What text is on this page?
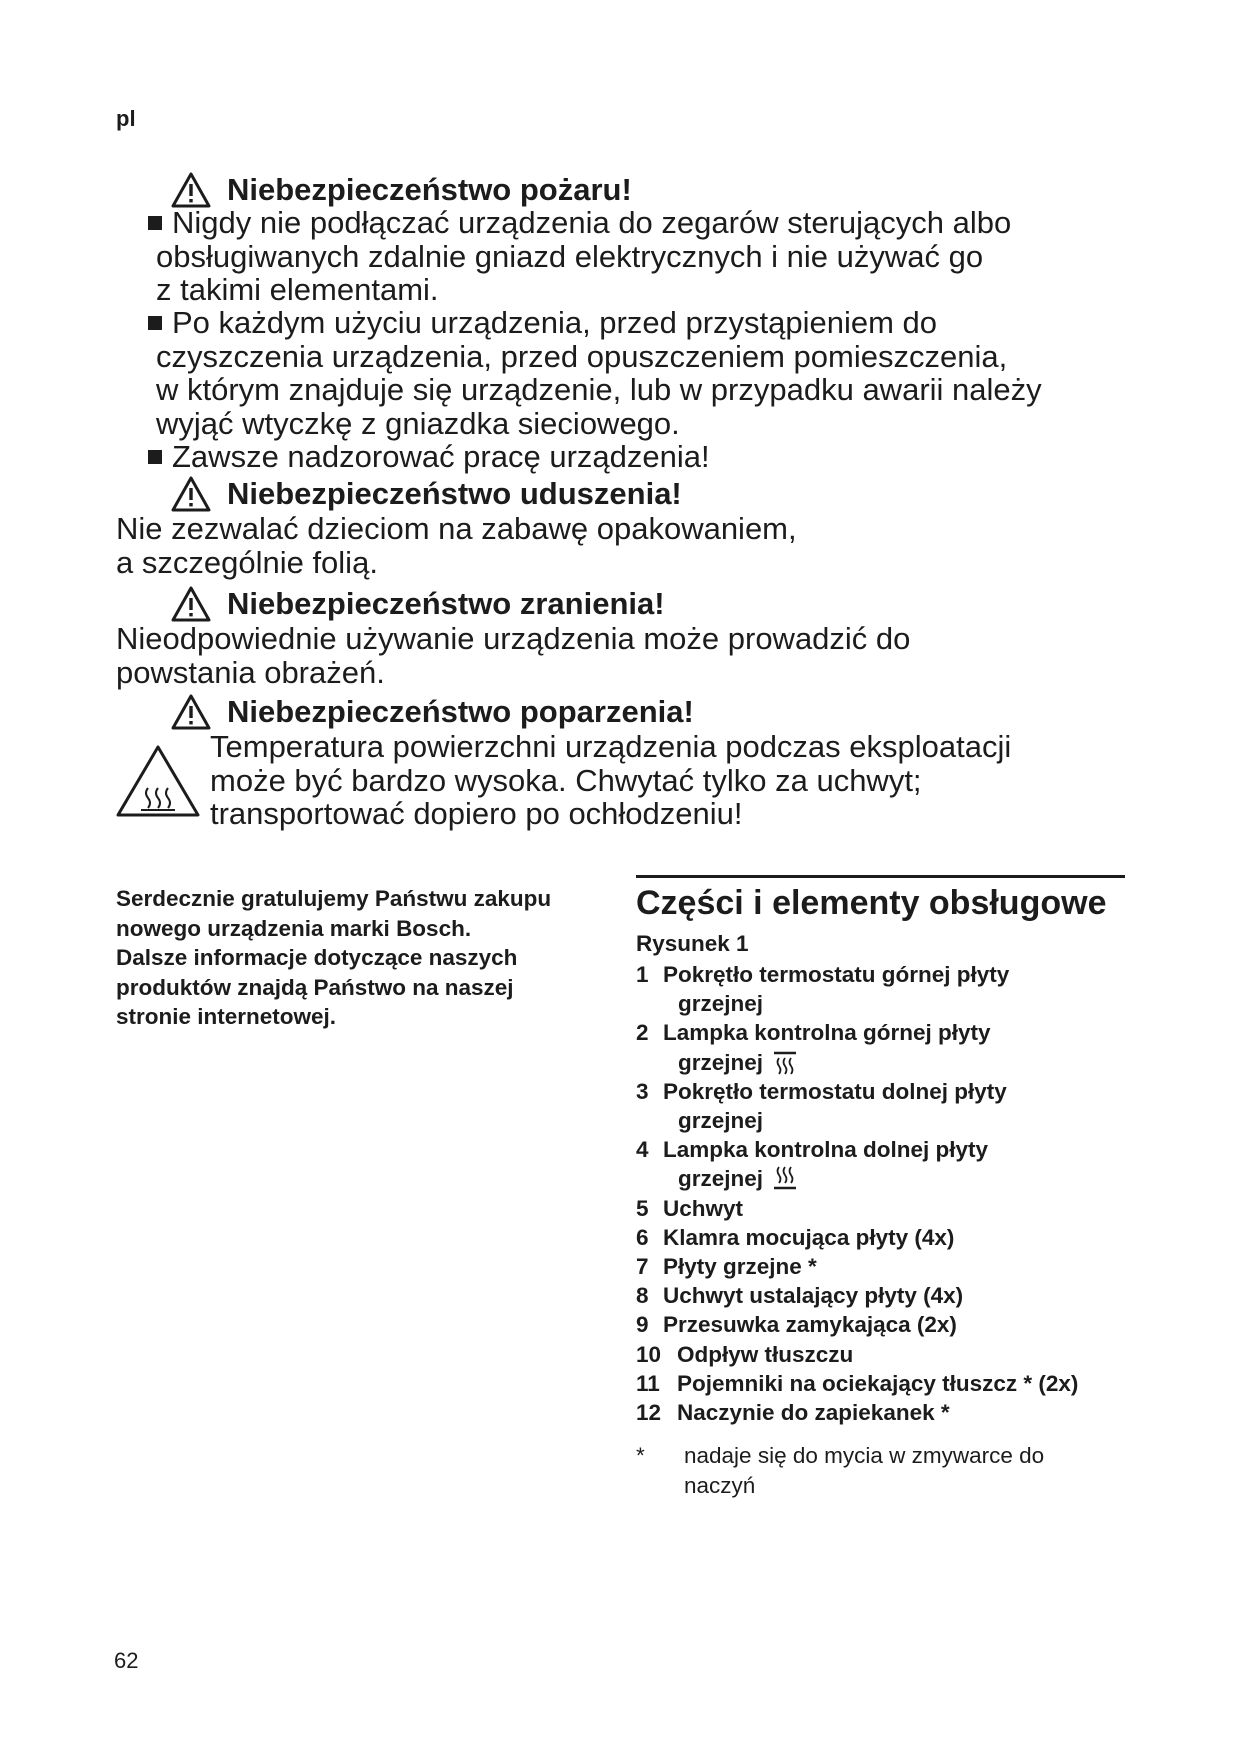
pl
Niebezpieczeństwo pożaru!
Nigdy nie podłączać urządzenia do zegarów sterujących albo
obsługiwanych zdalnie gniazd elektrycznych i nie używać go
z takimi elementami.
Po każdym użyciu urządzenia, przed przystąpieniem do
czyszczenia urządzenia, przed opuszczeniem pomieszczenia,
w którym znajduje się urządzenie, lub w przypadku awarii należy
wyjąć wtyczkę z gniazdka sieciowego.
Zawsze nadzorować pracę urządzenia!
Niebezpieczeństwo uduszenia!
Nie zezwalać dzieciom na zabawę opakowaniem,
a szczególnie folią.
Niebezpieczeństwo zranienia!
Nieodpowiednie używanie urządzenia może prowadzić do
powstania obrażeń.
Niebezpieczeństwo poparzenia!
Temperatura powierzchni urządzenia podczas eksploatacji
może być bardzo wysoka. Chwytać tylko za uchwyt;
transportować dopiero po ochłodzeniu!
Serdecznie gratulujemy Państwu zakupu
nowego urządzenia marki Bosch.
Dalsze informacje dotyczące naszych
produktów znajdą Państwo na naszej
stronie internetowej.
Części i elementy obsługowe
Rysunek 1
1 Pokrętło termostatu górnej płyty
grzejnej
2 Lampka kontrolna górnej płyty
grzejnej
3 Pokrętło termostatu dolnej płyty
grzejnej
4 Lampka kontrolna dolnej płyty
grzejnej
5 Uchwyt
6 Klamra mocująca płyty (4x)
7 Płyty grzejne *
8 Uchwyt ustalający płyty (4x)
9 Przesuwka zamykająca (2x)
10 Odpływ tłuszczu
11 Pojemniki na ociekający tłuszcz * (2x)
12 Naczynie do zapiekanek *
*	nadaje się do mycia w zmywarce do
naczyń
62
